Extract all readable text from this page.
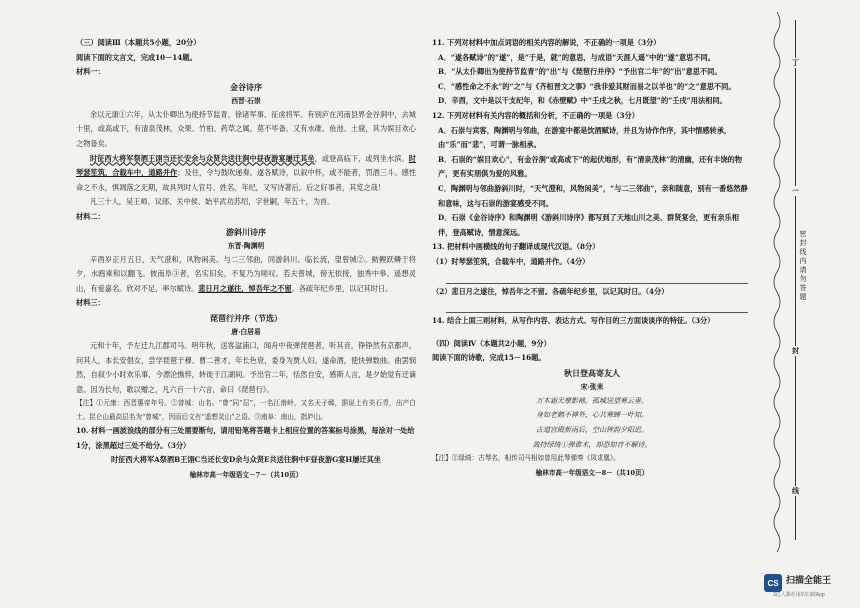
（三）阅读Ⅲ（本题共5小题，20分）
阅读下面的文言文，完成10－14题。
材料一：
金谷诗序
西晋·石崇
余以元康①六年，从太仆卿出为使持节监青、徐诸军事、征虏将军。有别庐在河南县界金谷涧中，去城十里，或高或下，有清泉茂林，众果、竹柏、药草之属，莫不毕备。又有水碓、鱼池、土窟，其为娱目欢心之物备矣。
时征西大将军祭酒王诩当还长安余与众贤共送往涧中昼夜游宴屡迁其坐，或登高临下，或列坐水滨。时琴瑟笙筑，合载车中，道路并作；及住，令与鼓吹递奏。遂各赋诗，以叙中怀，或不能者，罚酒三斗。感性命之不永，惧凋落之无期，故具列时人官号、姓名、年纪，又写诗著后。后之好事者，其览之哉！
凡三十人，吴王师、议郎、关中侯、始平武功苏绍，字世嗣，年五十，为首。
材料二：
游斜川诗序
东晋·陶渊明
辛酉岁正月五日，天气澄和，风物闲美。与二三邻曲，同游斜川。临长流，望曾城②。鲂鲤跃鳞于将夕，水鸥乘和以翻飞。彼南阜③者，名实旧矣，不复乃为嗟叹。若夫曾城，傍无依接，独秀中皋。遥想灵山，有爱嘉名。欣对不足，率尔赋诗。悲日月之遂往，悼吾年之不留。各疏年纪乡里，以记其时日。
材料三：
琵琶行并序（节选）
唐·白居易
元和十年，予左迁九江郡司马。明年秋，送客湓浦口，闻舟中夜弹琵琶者，听其音，铮铮然有京都声。问其人，本长安倡女，尝学琵琶于穆、曹二善才，年长色衰，委身为贾人妇。遂命酒，使快弹数曲。曲罢悯然，自叙少小时欢乐事，今漂沦憔悴，转徙于江湖间。予出官二年，恬然自安，感斯人言，是夕始觉有迁谪意。因为长句，歌以赠之，凡六百一十六言，命曰《琵琶行》。
【注】①元康：西晋惠帝年号。②曾城：山名。“曾”同“层”，一名江南岭，又名天子鄣，据说上有美石青，出产白土。昆仑山最高层名为“曾城”，因而后文有“遥想灵山”之语。③南阜：南山，指庐山。
10. 材料一画波浪线的部分有三处需要断句，请用铅笔将答题卡上相应位置的答案标号涂黑，每涂对一处给1分，涂黑超过三处不给分。（3分）
时征西大将军A祭酒B王诩C当还长安D余与众贤E共送往涧中F昼夜游G宴H屡迁其坐
榆林市高一年级语文－7－（共10页）
11. 下列对材料中加点词语的相关内容的解说，不正确的一项是（3分）
A．“遂各赋诗”的“遂”，是“于是，就”的意思，与成语“天涯人遥”中的“遂”意思不同。
B．“从太仆卿出为使持节监青”的“出”与《琵琶行并序》“予出官二年”的“出”意思不同。
C．“感性命之不永”的“之”与《齐桓晋文之事》“我非爱其财而易之以羊也”的“之”意思不同。
D．辛酉，文中是以干支纪年，和《赤壁赋》中“壬戌之秋，七月既望”的“壬戌”用法相同。
12. 下列对材料有关内容的概括和分析，不正确的一项是（3分）
A．石崇与宾客，陶渊明与邻曲，在游宴中都是饮酒赋诗，并且为诗作作序，其中情感转承，由“乐”而“悲”，可谓一脉相承。
B．石崇的“娱目欢心”，有金谷涧“或高或下”的起伏地形，有“清泉茂林”的清幽，还有丰饶的物产，更有实朋俱为爱的风雅。
C．陶渊明与邻曲游斜川时，“天气澄和，风物闲美”，“与二三邻曲”，亲和随意，别有一番悠然静和意味，这与石崇的游宴感受不同。
D．石崇《金谷诗序》和陶渊明《游斜川诗序》都写到了天地山川之美、群贤宴会，更有亲乐相伴，登高赋诗，情意深远。
13. 把材料中画横线的句子翻译成现代汉语。（8分）
（1）时琴瑟笙筑，合载车中，道路并作。（4分）
（2）悲日月之遂往，悼吾年之不留。各疏年纪乡里，以记其时日。（4分）
14. 结合上面三则材料，从写作内容、表达方式、写作目的三方面谈谈序的特征。（3分）
（四）阅读Ⅳ（本题共2小题，9分）
阅读下面的诗歌，完成15－16题。
秋日登高寄友人
宋·张耒
万木霜天摩影稀，孤城送望寒云垂。
身如老鹤不禅外，心共寒蝉一叶知。
古道宫殿新雨后，空山钟韵夕阳迟。
敛持绿绮①弹谁木，却恐知音不解诗。
【注】①绿绮：古琴名，相传司马相如曾用此琴弹奏《凤求凰》。
榆林市高一年级语文－8－（共10页）
丁
一
密封线内请勿答题
封
线
CS 扫描全能王
3亿人都在用的扫描App
